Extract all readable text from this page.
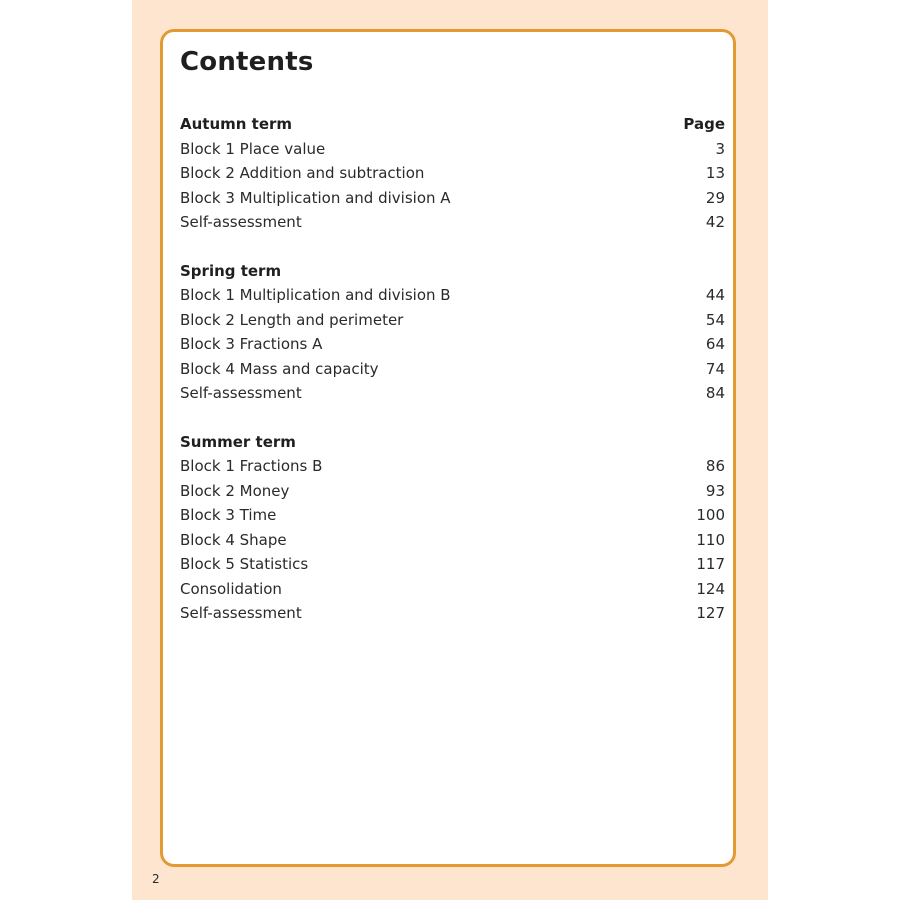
Contents
Autumn term	Page
Block 1 Place value	3
Block 2 Addition and subtraction	13
Block 3 Multiplication and division A	29
Self-assessment	42
Spring term
Block 1 Multiplication and division B	44
Block 2 Length and perimeter	54
Block 3 Fractions A	64
Block 4 Mass and capacity	74
Self-assessment	84
Summer term
Block 1 Fractions B	86
Block 2 Money	93
Block 3 Time	100
Block 4 Shape	110
Block 5 Statistics	117
Consolidation	124
Self-assessment	127
2
